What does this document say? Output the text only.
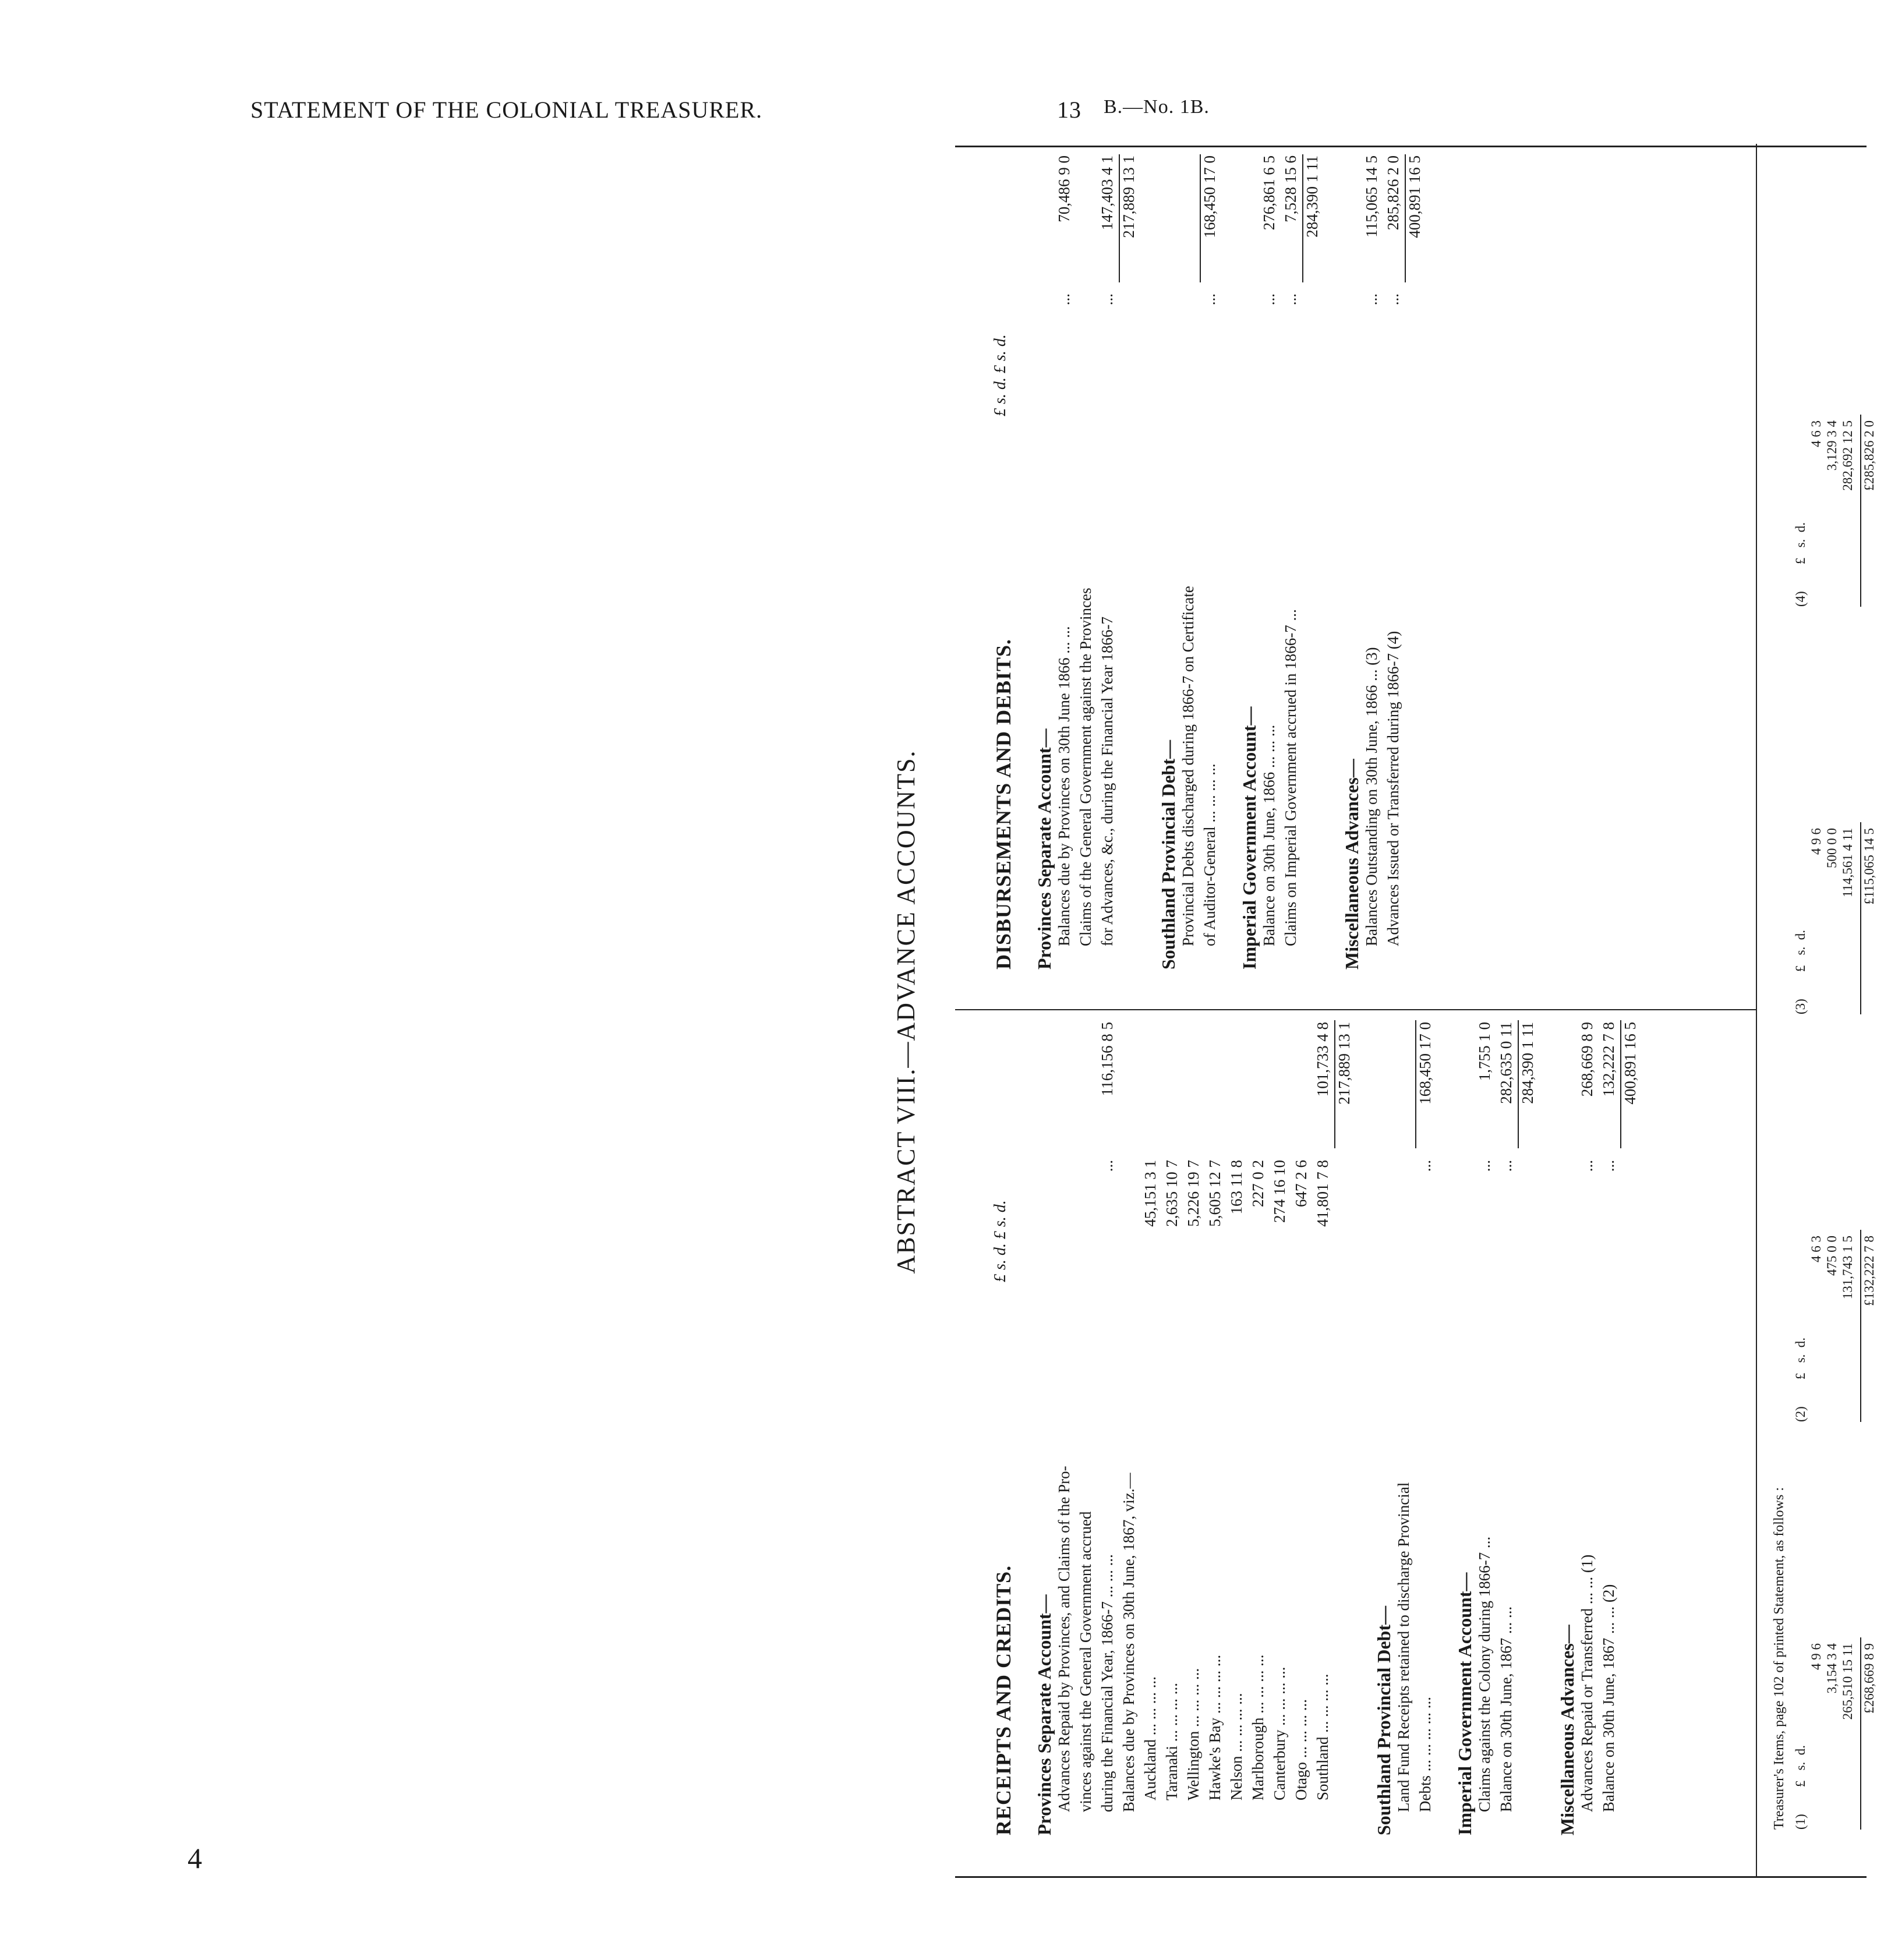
STATEMENT OF THE COLONIAL TREASURER.	13 B.—No. 1B.
ABSTRACT VIII.—ADVANCE ACCOUNTS.
RECEIPTS AND CREDITS.
£ s. d. £ s. d.
Provinces Separate Account— Advances Repaid by Provinces, and Claims of the Pro- vinces against the General Government accrued during the Financial Year, 1866-7 ... ... ...
...
116,156 8 5
Balances due by Provinces on 30th June, 1867, viz.— Auckland ... ... ... ...
45,151 3 1
Taranaki ... ... ... ...
2,635 10 7
Wellington ... ... ... ...
5,226 19 7
Hawke's Bay ... ... ... ...
5,605 12 7
Nelson ... ... ... ...
163 11 8
Marlborough ... ... ... ...
227 0 2
Canterbury ... ... ... ...
274 16 10
Otago ... ... ... ...
647 2 6
Southland ... ... ... ...
41,801 7 8
101,733 4 8 217,889 13 1
Southland Provincial Debt— Land Fund Receipts retained to discharge Provincial Debts ... ... ... ... ...
...
168,450 17 0
Imperial Government Account— Claims against the Colony during 1866-7 ...
...
1,755 1 0
Balance on 30th June, 1867 ... ...
...
282,635 0 11 284,390 1 11
Miscellaneous Advances— Advances Repaid or Transferred ... ... (1)
...
268,669 8 9
Balance on 30th June, 1867 ... ... (2)
...
132,222 7 8 400,891 16 5
DISBURSEMENTS AND DEBITS.
£ s. d. £ s. d.
Provinces Separate Account— Balances due by Provinces on 30th June 1866 ... ...
...
70,486 9 0
Claims of the General Government against the Provinces for Advances, &c., during the Financial Year 1866-7
...
147,403 4 1 217,889 13 1
Southland Provincial Debt— Provincial Debts discharged during 1866-7 on Certificate of Auditor-General ... ... ... ...
...
168,450 17 0
Imperial Government Account— Balance on 30th June, 1866 ... ... ...
...
276,861 6 5
Claims on Imperial Government accrued in 1866-7 ...
...
7,528 15 6 284,390 1 11
Miscellaneous Advances— Balances Outstanding on 30th June, 1866 ... (3)
...
115,065 14 5
Advances Issued or Transferred during 1866-7 (4)
...
285,826 2 0 400,891 16 5
Treasurer's Items, page 102 of printed Statement, as follows : (1)        £   s.  d.
4 9 6 3,154 3 4 265,510 15 11 £268,669 8 9
(2)        £   s.  d.
4 6 3 475 0 0 131,743 1 5 £132,222 7 8
(3)        £   s.  d.
4 9 6 500 0 0 114,561 4 11 £115,065 14 5
(4)        £   s.  d.
4 6 3 3,129 3 4 282,692 12 5 £285,826 2 0
4
